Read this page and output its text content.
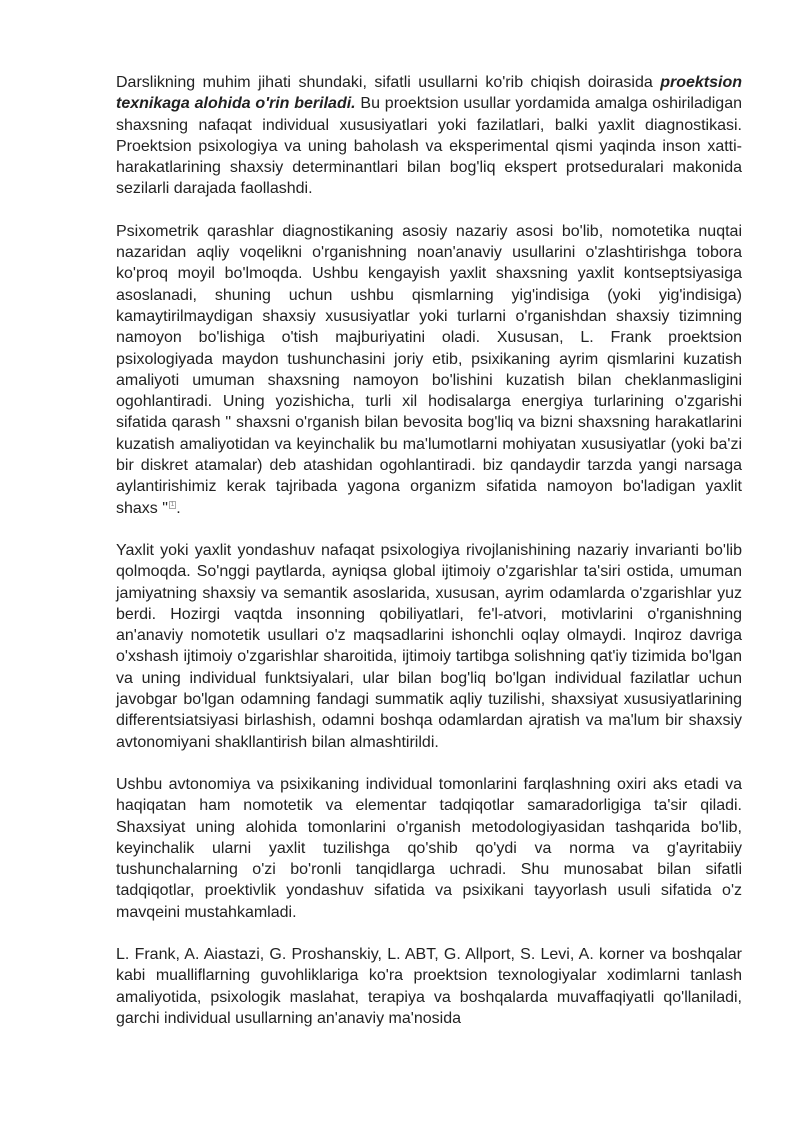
Darslikning muhim jihati shundaki, sifatli usullarni ko'rib chiqish doirasida proektsion texnikaga alohida o'rin beriladi. Bu proektsion usullar yordamida amalga oshiriladigan shaxsning nafaqat individual xususiyatlari yoki fazilatlari, balki yaxlit diagnostikasi. Proektsion psixologiya va uning baholash va eksperimental qismi yaqinda inson xatti-harakatlarining shaxsiy determinantlari bilan bog'liq ekspert protseduralari makonida sezilarli darajada faollashdi.

Psixometrik qarashlar diagnostikaning asosiy nazariy asosi bo'lib, nomotetika nuqtai nazaridan aqliy voqelikni o'rganishning noan'anaviy usullarini o'zlashtirishga tobora ko'proq moyil bo'lmoqda. Ushbu kengayish yaxlit shaxsning yaxlit kontseptsiyasiga asoslanadi, shuning uchun ushbu qismlarning yig'indisiga (yoki yig'indisiga) kamaytirilmaydigan shaxsiy xususiyatlar yoki turlarni o'rganishdan shaxsiy tizimning namoyon bo'lishiga o'tish majburiyatini oladi. Xususan, L. Frank proektsion psixologiyada maydon tushunchasini joriy etib, psixikaning ayrim qismlarini kuzatish amaliyoti umuman shaxsning namoyon bo'lishini kuzatish bilan cheklanmasligini ogohlantiradi. Uning yozishicha, turli xil hodisalarga energiya turlarining o'zgarishi sifatida qarash " shaxsni o'rganish bilan bevosita bog'liq va bizni shaxsning harakatlarini kuzatish amaliyotidan va keyinchalik bu ma'lumotlarni mohiyatan xususiyatlar (yoki ba'zi bir diskret atamalar) deb atashidan ogohlantiradi. biz qandaydir tarzda yangi narsaga aylantirishimiz kerak tajribada yagona organizm sifatida namoyon bo'ladigan yaxlit shaxs " 1 .

Yaxlit yoki yaxlit yondashuv nafaqat psixologiya rivojlanishining nazariy invarianti bo'lib qolmoqda. So'nggi paytlarda, ayniqsa global ijtimoiy o'zgarishlar ta'siri ostida, umuman jamiyatning shaxsiy va semantik asoslarida, xususan, ayrim odamlarda o'zgarishlar yuz berdi. Hozirgi vaqtda insonning qobiliyatlari, fe'l-atvori, motivlarini o'rganishning an'anaviy nomotetik usullari o'z maqsadlarini ishonchli oqlay olmaydi. Inqiroz davriga o'xshash ijtimoiy o'zgarishlar sharoitida, ijtimoiy tartibga solishning qat'iy tizimida bo'lgan va uning individual funktsiyalari, ular bilan bog'liq bo'lgan individual fazilatlar uchun javobgar bo'lgan odamning fandagi summatik aqliy tuzilishi, shaxsiyat xususiyatlarining differentsiatsiyasi birlashish, odamni boshqa odamlardan ajratish va ma'lum bir shaxsiy avtonomiyani shakllantirish bilan almashtirildi.

Ushbu avtonomiya va psixikaning individual tomonlarini farqlashning oxiri aks etadi va haqiqatan ham nomotetik va elementar tadqiqotlar samaradorligiga ta'sir qiladi. Shaxsiyat uning alohida tomonlarini o'rganish metodologiyasidan tashqarida bo'lib, keyinchalik ularni yaxlit tuzilishga qo'shib qo'ydi va norma va g'ayritabiiy tushunchalarning o'zi bo'ronli tanqidlarga uchradi. Shu munosabat bilan sifatli tadqiqotlar, proektivlik yondashuv sifatida va psixikani tayyorlash usuli sifatida o'z mavqeini mustahkamladi.

L. Frank, A. Aiastazi, G. Proshanskiy, L. ABT, G. Allport, S. Levi, A. korner va boshqalar kabi mualliflarning guvohliklariga ko'ra proektsion texnologiyalar xodimlarni tanlash amaliyotida, psixologik maslahat, terapiya va boshqalarda muvaffaqiyatli qo'llaniladi, garchi individual usullarning an'anaviy ma'nosida
